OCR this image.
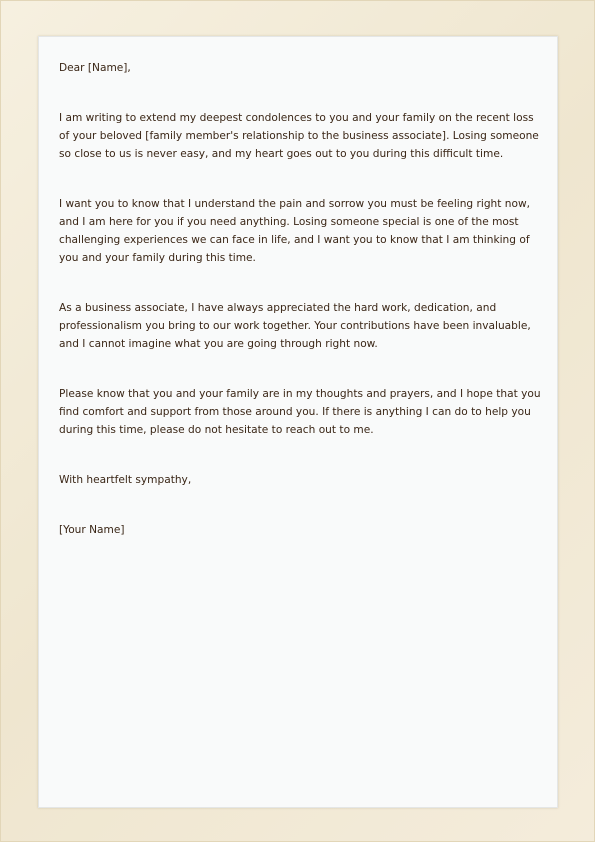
Dear [Name],

I am writing to extend my deepest condolences to you and your family on the recent loss of your beloved [family member's relationship to the business associate]. Losing someone so close to us is never easy, and my heart goes out to you during this difficult time.

I want you to know that I understand the pain and sorrow you must be feeling right now, and I am here for you if you need anything. Losing someone special is one of the most challenging experiences we can face in life, and I want you to know that I am thinking of you and your family during this time.

As a business associate, I have always appreciated the hard work, dedication, and professionalism you bring to our work together. Your contributions have been invaluable, and I cannot imagine what you are going through right now.

Please know that you and your family are in my thoughts and prayers, and I hope that you find comfort and support from those around you. If there is anything I can do to help you during this time, please do not hesitate to reach out to me.

With heartfelt sympathy,

[Your Name]
